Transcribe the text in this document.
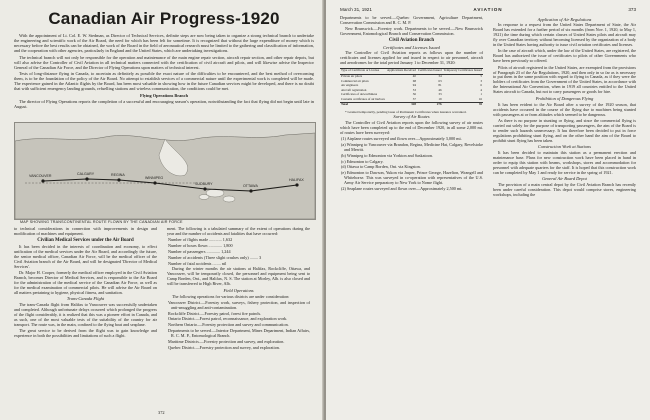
Canadian Air Progress-1920

With the appointment of Lt. Col. E. W. Stedman, as Director of Technical Services, definite steps are now being taken to organize a strong technical branch to undertake the engineering and scientific work of the Air Board, the need for which has been felt for sometime. It is recognized that without the large expenditure of money which is necessary before the best results can be obtained, the work of the Board in the field of aeronautical research must be limited to the gathering and classification of information, and the cooperation with other agencies, particularly in England and the United States, which are undertaking investigations.

The technical branch will not only be responsible for the operation and maintenance of the main engine repair section, aircraft repair section, and other repair depots, but will also advise the Controller of Civil Aviation in all technical matters connected with the certification of civil aircraft and pilots, and will likewise advise the Inspector General of the Canadian Air Force, and the Director of Flying Operations upon matters of technical interest.

Tests of long-distance flying in Canada, to ascertain as definitely as possible the exact nature of the difficulties to be encountered, and the best method of overcoming them, is to be the foundation of the policy of the Air Board. No attempt to establish services of a commercial nature until the experimental work is completed will be made. The experience gained in the Atlantic flights by the Board, has been most valuable in showing how in the future Canadian services might be developed, and there is no doubt that with sufficient emergency landing grounds, refuelling stations and wireless communication, the conditions could be met.

Flying Operations Branch

The director of Flying Operations reports the completion of a successful and encouraging season's operation, notwithstanding the fact that flying did not begin until late in August.

VANCOUVER	CALGARY	REGINA
WINNIPEG
SUDBURY	OTTAWA
HALIFAX
MAP SHOWING TRANSCONTINENTAL ROUTE FLOWN BY THE CANADIAN AIR FORCE

to technical considerations in connection with improvements in design and modification of machines and equipment.

Civilian Medical Services under the Air Board

It has been decided in the interests of coordination and economy, to effect unification of the medical services under the Air Board, and accordingly the future, the senior medical officer, Canadian Air Force, will be the medical officer of the Civil Aviation branch of the Air Board, and will be designated 'Director of Medical Services'.

Dr. Major H. Cooper, formerly the medical officer employed in the Civil Aviation Branch, becomes Director of Medical Services, and is responsible to the Air Board for the administration of the medical service of the Canadian Air Force, as well as for the medical examination of commercial pilots. He will advise the Air Board on all matters pertaining to hygiene, physical fitness, and sanitation.

Trans-Canada Flight

The trans-Canada flight from Halifax to Vancouver was successfully undertaken and completed. Although unfortunate delays occurred which prolonged the progress of the flight considerably, it is realized that this was a pioneer effort in Canada, and as such, one of the most valuable tests of the suitability of the country for air transport. The route was, in the main, confined to the flying boat and seaplane.

The great service to be derived from the flight was to gain knowledge and experience in both the possibilities and limitations of such a flight.

ment. The following is a tabulated summary of the extent of operations during the year and the number of accidents and fatalities that have occurred:

Number of flights made ............ 1,632
Number of hours flown ............. 1,800
Number of passengers ............. 1,244
Number of accidents (Three slight crashes only) ........ 3
Number of fatal accidents ........ nil

During the winter months the air stations at Halifax, Rockcliffe, Ottawa, and Vancouver, will be temporarily closed, the personnel and equipment being sent to Camp Borden, Ont., and Halifax, N. S. The station at Morley, Alb. is also closed and will be transferred to High River, Alb.

Field Operations

The following operations for various districts are under consideration:

Vancouver District.—Forestry work, surveys, fishery protection, and inspection of anti-smuggling and anti-contamination.
Rockcliffe District.—Forestry patrol, forest fire patrols.
Ontario District.—Forest patrol, reconnaissance, and exploration work.
Northern Ontario.—Forestry protection and survey and communication.
Departments to be served.—Interior Department, Mines Department, Indian Affairs, R. C. M. P., Entomological Branch.
Maritime Districts.—Forestry protection and survey, and exploration.
Quebec District.—Forestry protection and survey, and exploration.
372
March 31, 1921	AVIATION	373

Departments to be served.—Quebec Government, Agriculture Department, Conservation Commission and R. C. M. P.

New Brunswick.—Forestry work. Departments to be served.—New Brunswick Government, Entomological Branch and Conservation Commission.

Civil Aviation Branch
Certificates and Licenses Issued

The Controller of Civil Aviation reports as follows upon the number of certificates and licenses applied for and issued in respect to air personnel, aircraft and aerodromes for the total period January 1 to December 31, 1920:

Type of Certificate or License	Applications Received	Certificates Issued	Temporary Certificates Issued
Private air pilots	40	34	5
Commercial air pilots	68	63	3
Air engineers	94	81	6
Aircraft registration	53	46	4
Certificates of airworthiness	36	33	1
Customs certificates of air harbors	37	19	16
Total	328	276	35

* Granted temporarily, pending issue of Permanent Certificates when issuance warranted.

Survey of Air Routes

The Controller of Civil Aviation reports upon the following survey of air routes which have been completed up to the end of December 1920, in all some 2,000 mi. of routes have been surveyed:

(1) Airplane routes surveyed and flown over—Approximately 3,000 mi.
(a) Winnipeg to Vancouver via Brandon, Regina, Medicine Hat, Calgary, Revelstoke and Merritt.
(b) Winnipeg to Edmonton via Yorkton and Saskatoon.
(c) Edmonton to Calgary.
(d) Ottawa to Camp Borden, Ont. via Kingston.
(e) Edmonton to Dawson, Yukon via Jasper, Prince George, Hazelton, Wrangell and Whitehorse. This was surveyed in co-operation with representatives of the U.S. Army Air Service preparatory to New York to Nome flight.
(2) Seaplane routes surveyed and flown over—Approximately 2,500 mi.
Application of Air Regulations

In response to a request from the United States Department of State, the Air Board has extended for a further period of six months (from Nov. 1, 1920, to May 1, 1921) the time during which certain classes of United States pilots and aircraft may fly over Canadian territory without becoming licensed by the organization of a body in the United States having authority to issue civil aviation certificates and licenses.

In the case of aircraft which, under the law of the United States, are registered, the Board has authorized the issue of certificates to pilots of other Governments who have been previously so offered.

Pilots of aircraft registered in the United States, are exempted from the provisions of Paragraph 23 of the Air Regulations, 1920, and then only in so far as is necessary to put them in the same position with regard to flying in Canada, as if they were the holders of certificates from the Government of the United States, in accordance with the International Air Convention, when in 1919 all countries entitled to the United States aircraft to Canada, but not to carry passengers or goods for hire.

Prohibition of Dangerous Flying

It has been evident to the Air Board after a survey of the 1920 season, that accidents have occurred in the course of the flying due to machines being stunted with passengers at or from altitudes which seemed to be dangerous.

As there is no purpose in stunting or flying, and since the commercial flying is carried out solely for the purpose of transporting passengers, the aim of the Board is to render such hazards unnecessary. It has therefore been decided to put in force regulations prohibiting stunt flying, and on the other hand the aim of the Board to prohibit stunt flying has been taken.

Construction Work at Stations

It has been decided to maintain this station as a permanent erection and maintenance base. Plans for new construction work have been placed in hand in order to equip this station with beams, workshops, stores and accommodation for personnel with adequate quarters for the staff. It is hoped that this construction work can be completed by May 1 and ready for service in the spring of 1921.

General Air Board Depot

The provision of a main central depot by the Civil Aviation Branch has recently been under careful consideration. This depot would comprise stores, engineering workshops, including the
